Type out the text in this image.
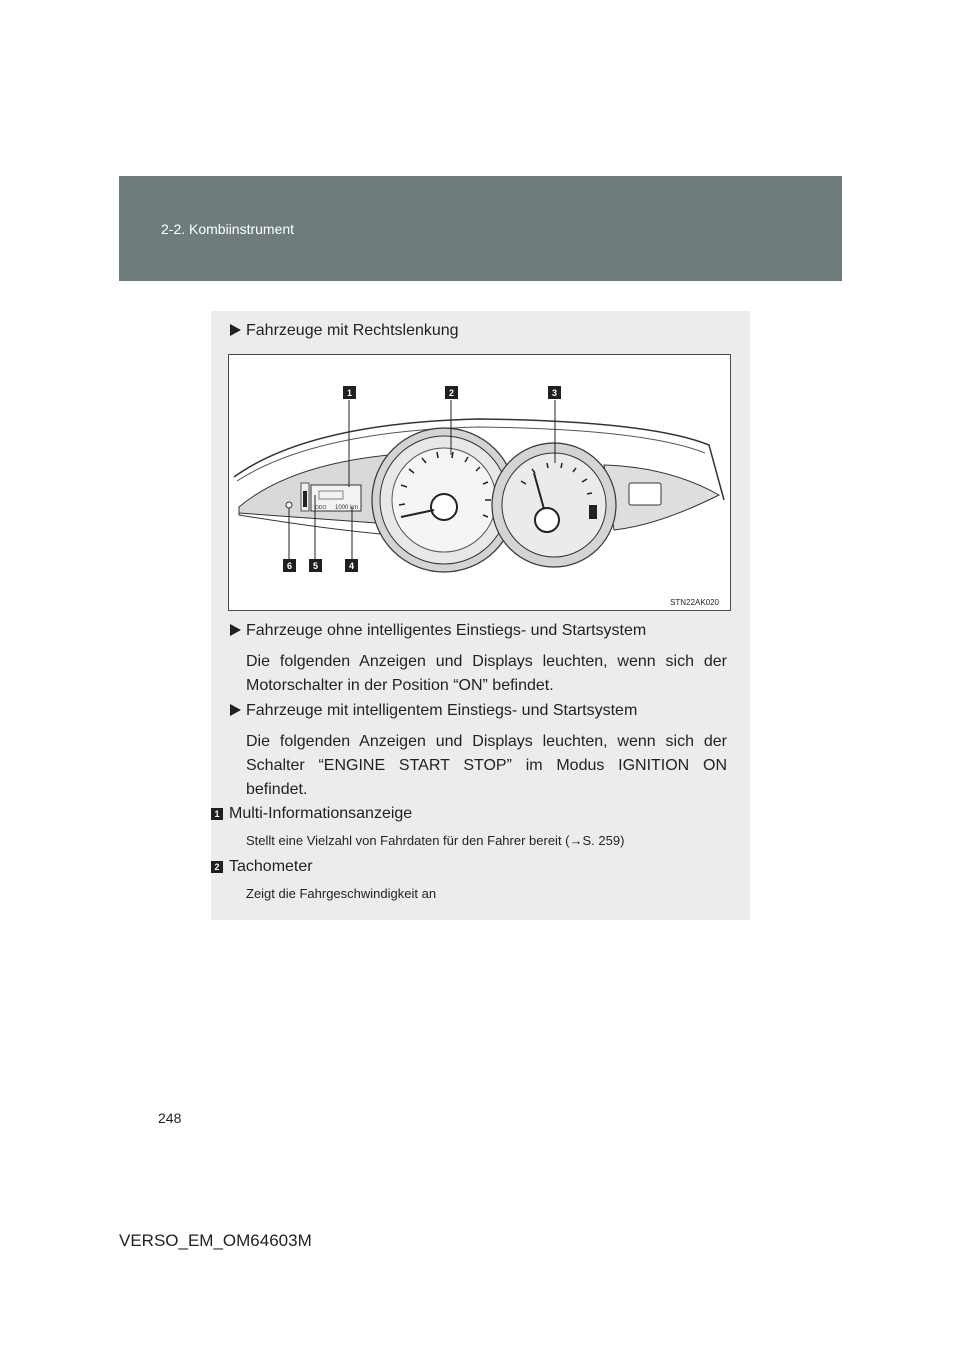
2-2. Kombiinstrument
Fahrzeuge mit Rechtslenkung
ODO 1000 km
1	2	3
4
5
6
STN22AK020
Fahrzeuge ohne intelligentes Einstiegs- und Startsystem
Die folgenden Anzeigen und Displays leuchten, wenn sich der Motorschalter in der Position “ON” befindet.
Fahrzeuge mit intelligentem Einstiegs- und Startsystem
Die folgenden Anzeigen und Displays leuchten, wenn sich der Schalter “ENGINE START STOP” im Modus IGNITION ON befindet.
1 Multi-Informationsanzeige
Stellt eine Vielzahl von Fahrdaten für den Fahrer bereit (→S. 259)
2 Tachometer
Zeigt die Fahrgeschwindigkeit an
248
VERSO_EM_OM64603M
